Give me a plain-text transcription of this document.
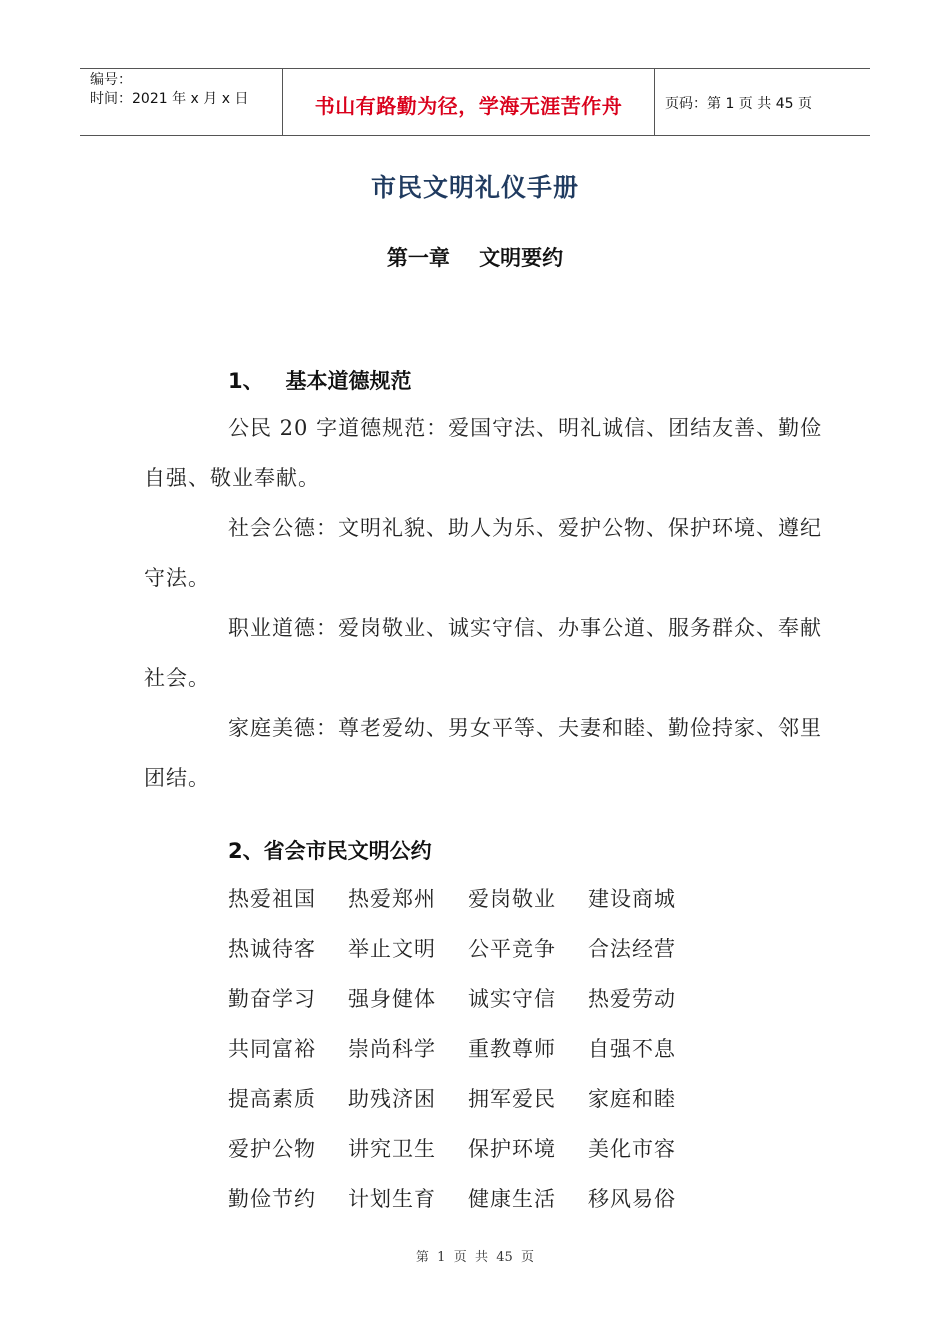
编号：
时间：2021 年 x 月 x 日	书山有路勤为径，学海无涯苦作舟	页码：第 1 页 共 45 页
市民文明礼仪手册
第一章    文明要约
1、   基本道德规范
公民 20 字道德规范：爱国守法、明礼诚信、团结友善、勤俭自强、敬业奉献。
社会公德：文明礼貌、助人为乐、爱护公物、保护环境、遵纪守法。
职业道德：爱岗敬业、诚实守信、办事公道、服务群众、奉献社会。
家庭美德：尊老爱幼、男女平等、夫妻和睦、勤俭持家、邻里团结。
2、省会市民文明公约
热爱祖国	热爱郑州	爱岗敬业	建设商城
热诚待客	举止文明	公平竞争	合法经营
勤奋学习	强身健体	诚实守信	热爱劳动
共同富裕	崇尚科学	重教尊师	自强不息
提高素质	助残济困	拥军爱民	家庭和睦
爱护公物	讲究卫生	保护环境	美化市容
勤俭节约	计划生育	健康生活	移风易俗
第  1  页  共  45  页
